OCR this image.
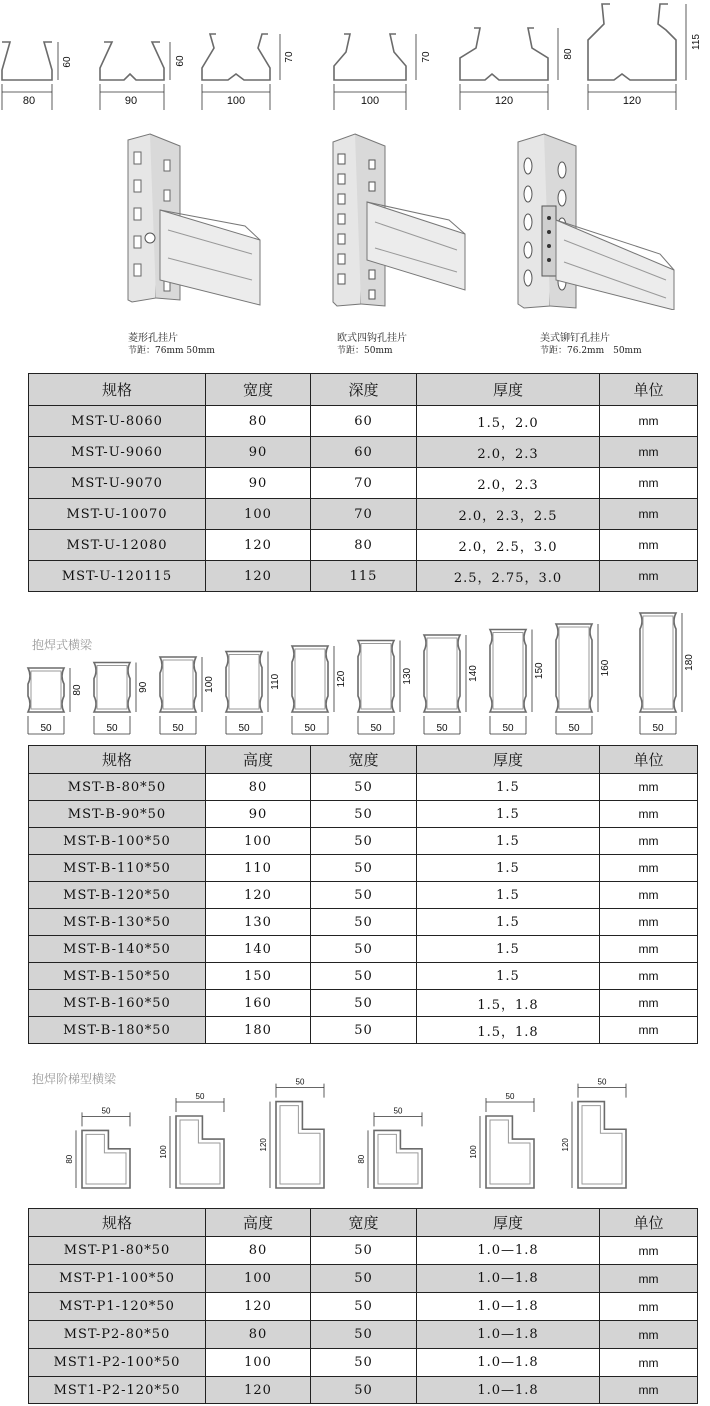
60
80
60
90
70
100
70
100
80
120
115
120
菱形孔挂片
节距：76mm 50mm
欧式四钩孔挂片
节距：50mm
美式铆钉孔挂片
节距：76.2mm　50mm
规格	宽度	深度	厚度	单位
MST-U-8060	80	60	1.5，2.0	mm
MST-U-9060	90	60	2.0，2.3	mm
MST-U-9070	90	70	2.0，2.3	mm
MST-U-10070	100	70	2.0，2.3，2.5	mm
MST-U-12080	120	80	2.0，2.5，3.0	mm
MST-U-120115	120	115	2.5，2.75，3.0	mm
抱焊式横梁
80
50
90
50
100
50
110
50
120
50
130
50
140
50
150
50
160
50
180
50
规格	高度	宽度	厚度	单位
MST-B-80*50	80	50	1.5	mm
MST-B-90*50	90	50	1.5	mm
MST-B-100*50	100	50	1.5	mm
MST-B-110*50	110	50	1.5	mm
MST-B-120*50	120	50	1.5	mm
MST-B-130*50	130	50	1.5	mm
MST-B-140*50	140	50	1.5	mm
MST-B-150*50	150	50	1.5	mm
MST-B-160*50	160	50	1.5，1.8	mm
MST-B-180*50	180	50	1.5，1.8	mm
抱焊阶梯型横梁
80
50
100
50
120
50
80
50
100
50
120
50
规格	高度	宽度	厚度	单位
MST-P1-80*50	80	50	1.0—1.8	mm
MST-P1-100*50	100	50	1.0—1.8	mm
MST-P1-120*50	120	50	1.0—1.8	mm
MST-P2-80*50	80	50	1.0—1.8	mm
MST1-P2-100*50	100	50	1.0—1.8	mm
MST1-P2-120*50	120	50	1.0—1.8	mm
